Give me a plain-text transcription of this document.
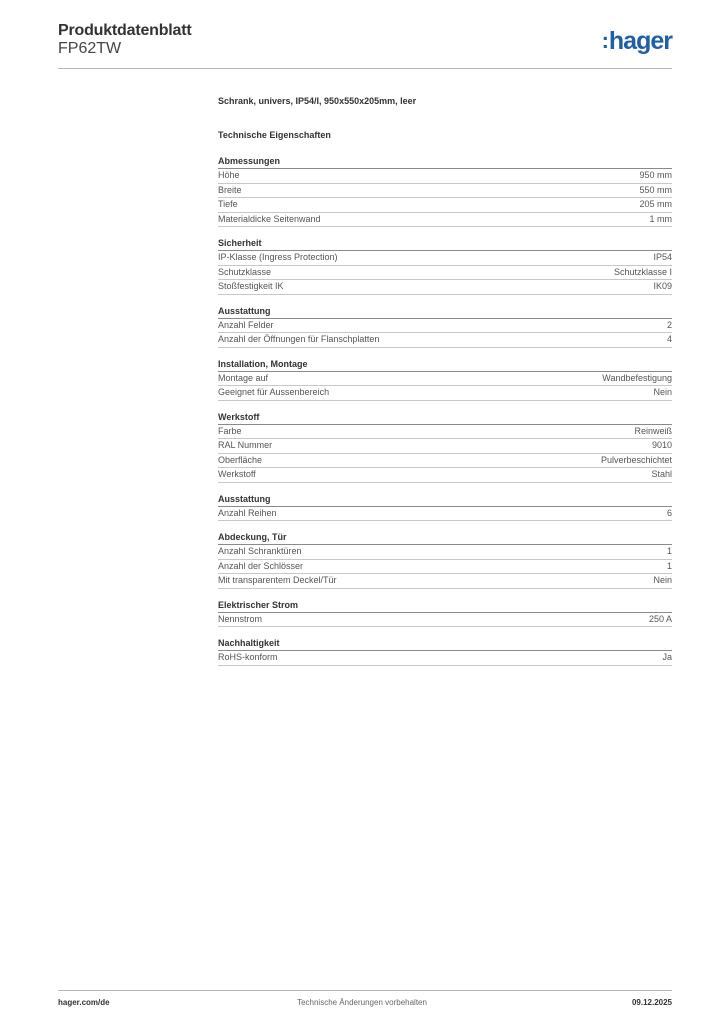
Produktdatenblatt
FP62TW	:hager
Schrank, univers, IP54/I, 950x550x205mm, leer
Technische Eigenschaften
Abmessungen
Höhe	950 mm
Breite	550 mm
Tiefe	205 mm
Materialdicke Seitenwand	1 mm
Sicherheit
IP-Klasse (Ingress Protection)	IP54
Schutzklasse	Schutzklasse I
Stoßfestigkeit IK	IK09
Ausstattung
Anzahl Felder	2
Anzahl der Öffnungen für Flanschplatten	4
Installation, Montage
Montage auf	Wandbefestigung
Geeignet für Aussenbereich	Nein
Werkstoff
Farbe	Reinweiß
RAL Nummer	9010
Oberfläche	Pulverbeschichtet
Werkstoff	Stahl
Ausstattung
Anzahl Reihen	6
Abdeckung, Tür
Anzahl Schranktüren	1
Anzahl der Schlösser	1
Mit transparentem Deckel/Tür	Nein
Elektrischer Strom
Nennstrom	250 A
Nachhaltigkeit
RoHS-konform	Ja
hager.com/de	Technische Änderungen vorbehalten	09.12.2025
